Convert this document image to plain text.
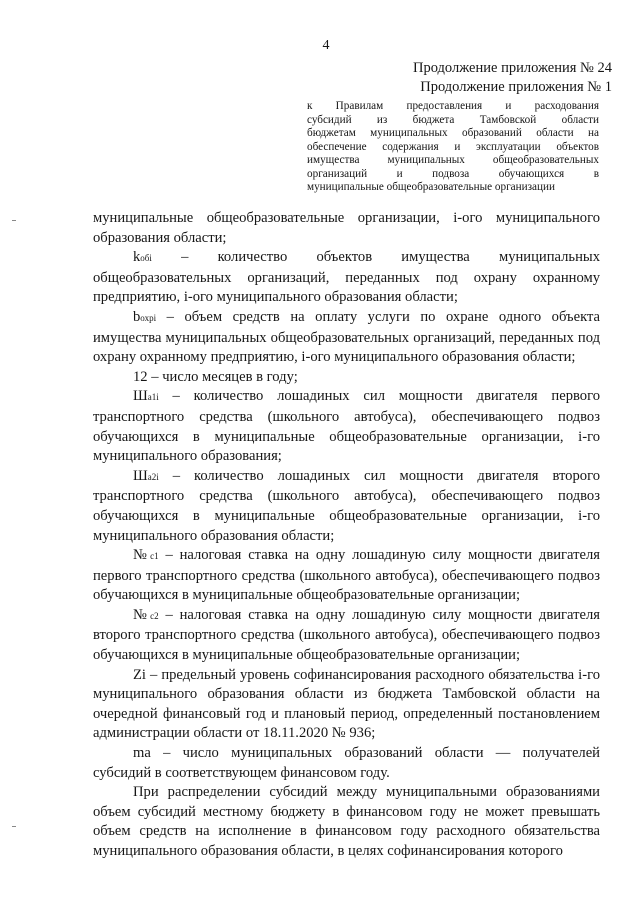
4
Продолжение приложения № 24
Продолжение приложения № 1
к Правилам предоставления и расходования
субсидий из бюджета Тамбовской области
бюджетам муниципальных образований области на
обеспечение содержания и эксплуатации объектов
имущества муниципальных общеобразовательных
организаций и подвоза обучающихся в
муниципальные общеобразовательные организации

муниципальные общеобразовательные организации, i-ого муниципального образования области;

kобi – количество объектов имущества муниципальных общеобразовательных организаций, переданных под охрану охранному предприятию, i-ого муниципального образования области;

bохрi – объем средств на оплату услуги по охране одного объекта имущества муниципальных общеобразовательных организаций, переданных под охрану охранному предприятию, i-ого муниципального образования области;

12 – число месяцев в году;

Ша1i – количество лошадиных сил мощности двигателя первого транспортного средства (школьного автобуса), обеспечивающего подвоз обучающихся в муниципальные общеобразовательные организации, i-го муниципального образования;

Ша2i – количество лошадиных сил мощности двигателя второго транспортного средства (школьного автобуса), обеспечивающего подвоз обучающихся в муниципальные общеобразовательные организации, i-го муниципального образования области;

№с1 – налоговая ставка на одну лошадиную силу мощности двигателя первого транспортного средства (школьного автобуса), обеспечивающего подвоз обучающихся в муниципальные общеобразовательные организации;

№с2 – налоговая ставка на одну лошадиную силу мощности двигателя второго транспортного средства (школьного автобуса), обеспечивающего подвоз обучающихся в муниципальные общеобразовательные организации;

Zi – предельный уровень софинансирования расходного обязательства i-го муниципального образования области из бюджета Тамбовской области на очередной финансовый год и плановый период, определенный постановлением администрации области от 18.11.2020 № 936;

ma – число муниципальных образований области — получателей субсидий в соответствующем финансовом году.

При распределении субсидий между муниципальными образованиями объем субсидий местному бюджету в финансовом году не может превышать объем средств на исполнение в финансовом году расходного обязательства муниципального образования области, в целях софинансирования которого
